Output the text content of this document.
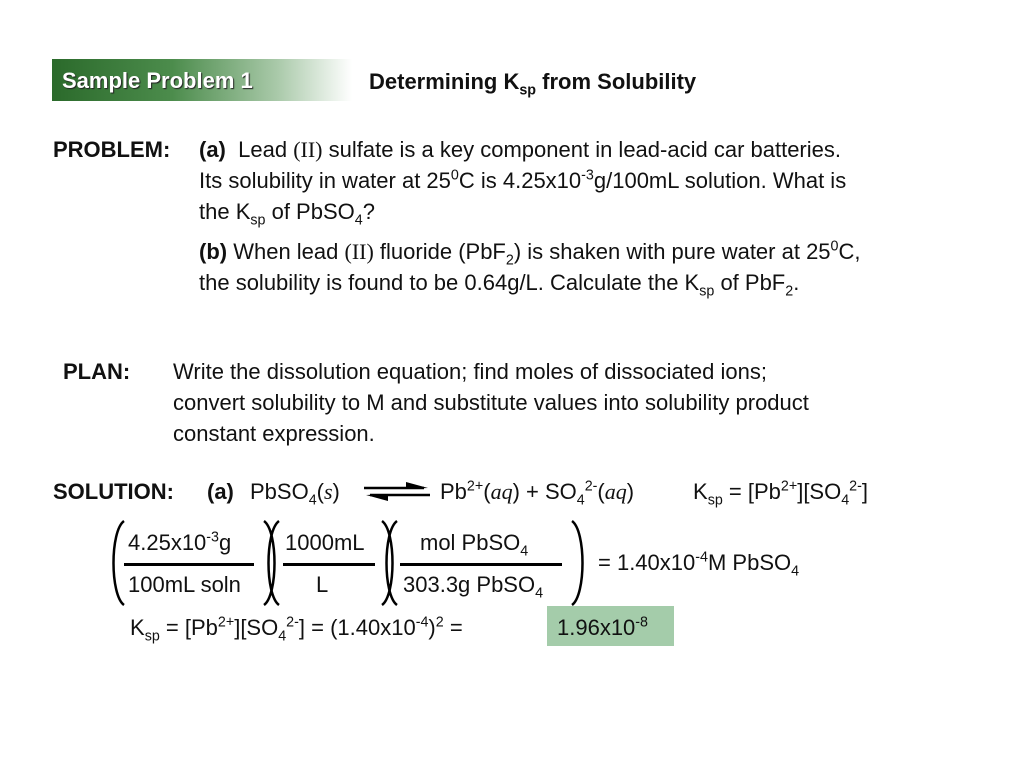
Sample Problem 1	Determining $K_{sp}$ from Solubility
PROBLEM: (a) Lead (II) sulfate is a key component in lead-acid car batteries.
Its solubility in water at $25^0C$ is $4.25x10^{-3}g/100mL$ solution. What is
the $K_{sp}$ of PbSO$_4$?
(b) When lead (II) fluoride (PbF$_2$) is shaken with pure water at $25^0C$,
the solubility is found to be 0.64g/L. Calculate the $K_{sp}$ of PbF$_2$.
PLAN: Write the dissolution equation; find moles of dissociated ions;
convert solubility to M and substitute values into solubility product
constant expression.
SOLUTION: (a) PbSO$_4$(s)	$Pb^{2+}(aq) + SO_4^{2-}(aq)$	$K_{sp} = [Pb^{2+}][SO_4^{2-}]$
$4.25x10^{-3}g$
100mL soln
1000mL
L
mol PbSO$_4$
303.3g PbSO$_4$
= $1.40x10^{-4}M$ PbSO$_4$
$K_{sp} = [Pb^{2+}][SO_4^{2-}] = (1.40x10^{-4})^2$ =	$1.96x10^{-8}$
